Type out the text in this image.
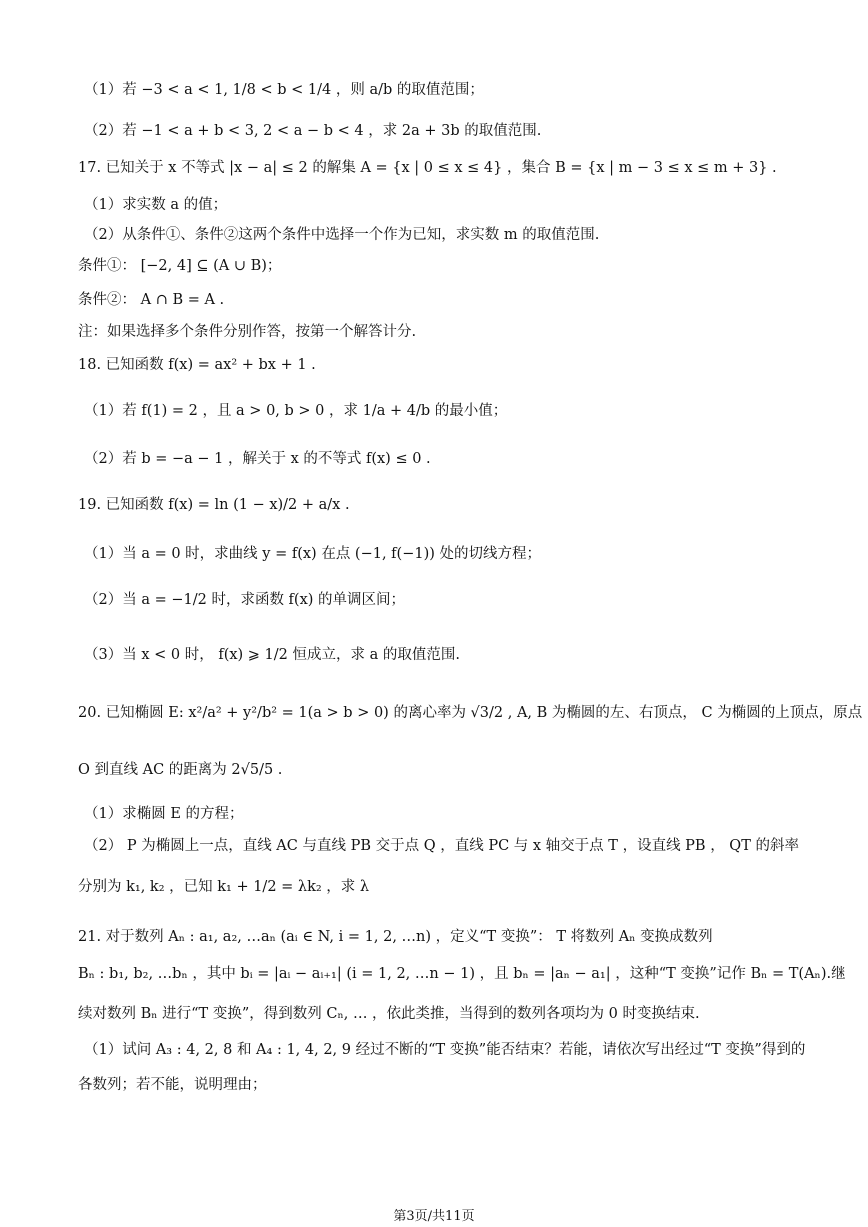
（1）若 −3 < a < 1, 1/8 < b < 1/4 ，则 a/b 的取值范围；
（2）若 −1 < a + b < 3, 2 < a − b < 4 ，求 2a + 3b 的取值范围.
17. 已知关于 x 不等式 |x − a| ≤ 2 的解集 A = {x | 0 ≤ x ≤ 4} ，集合 B = {x | m − 3 ≤ x ≤ m + 3} .
（1）求实数 a 的值；
（2）从条件①、条件②这两个条件中选择一个作为已知，求实数 m 的取值范围.
条件①： [−2, 4] ⊆ (A ∪ B)；
条件②： A ∩ B = A .
注：如果选择多个条件分别作答，按第一个解答计分.
18. 已知函数 f(x) = ax² + bx + 1 .
（1）若 f(1) = 2 ，且 a > 0, b > 0 ，求 1/a + 4/b 的最小值；
（2）若 b = −a − 1 ，解关于 x 的不等式 f(x) ≤ 0 .
19. 已知函数 f(x) = ln (1 − x)/2 + a/x .
（1）当 a = 0 时，求曲线 y = f(x) 在点 (−1, f(−1)) 处的切线方程；
（2）当 a = −1/2 时，求函数 f(x) 的单调区间；
（3）当 x < 0 时， f(x) ⩾ 1/2 恒成立，求 a 的取值范围.
20. 已知椭圆 E: x²/a² + y²/b² = 1(a > b > 0) 的离心率为 √3/2 , A, B 为椭圆的左、右顶点， C 为椭圆的上顶点，原点
O 到直线 AC 的距离为 2√5/5 .
（1）求椭圆 E 的方程；
（2） P 为椭圆上一点，直线 AC 与直线 PB 交于点 Q ，直线 PC 与 x 轴交于点 T ，设直线 PB ， QT 的斜率
分别为 k₁, k₂ ，已知 k₁ + 1/2 = λk₂ ，求 λ
21. 对于数列 Aₙ : a₁, a₂, …aₙ (aᵢ ∈ N, i = 1, 2, …n) ，定义“T 变换”： T 将数列 Aₙ 变换成数列
Bₙ : b₁, b₂, …bₙ ，其中 bᵢ = |aᵢ − aᵢ₊₁| (i = 1, 2, …n − 1) ，且 bₙ = |aₙ − a₁| ，这种“T 变换”记作 Bₙ = T(Aₙ).继
续对数列 Bₙ 进行“T 变换”，得到数列 Cₙ, … ，依此类推，当得到的数列各项均为 0 时变换结束.
（1）试问 A₃ : 4, 2, 8 和 A₄ : 1, 4, 2, 9 经过不断的“T 变换”能否结束？若能，请依次写出经过“T 变换”得到的
各数列；若不能，说明理由；
第3页/共11页
